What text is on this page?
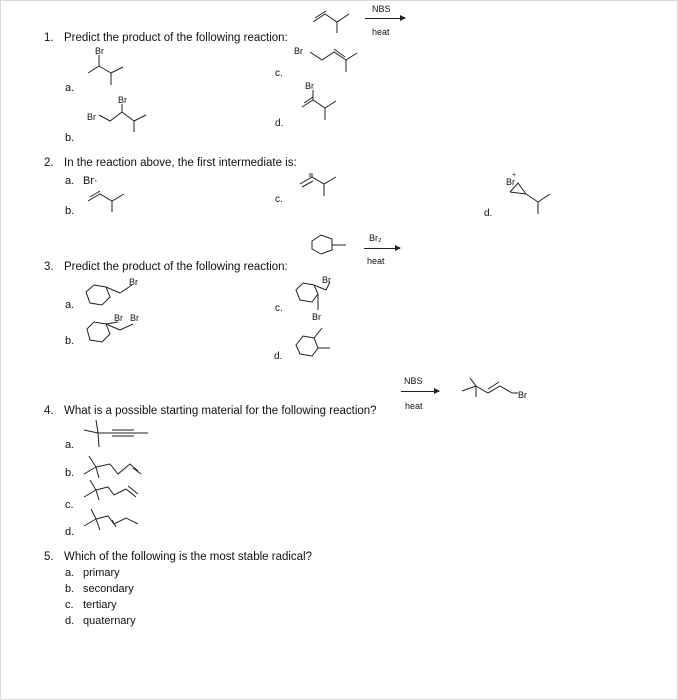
NBS
heat
1. Predict the product of the following reaction:
a.
Br	Br
c.
Br
d.
Br
Br
b.
2. In the reaction above, the first intermediate is:
a. Br·
b.
c.
Br
+
d.
Br₂
heat
3. Predict the product of the following reaction:
Br
a.
Br
Br
c.
Br Br
b.
d.
NBS
heat
Br
4. What is a possible starting material for the following reaction?
a.
b.
c.
d.
5. Which of the following is the most stable radical?
a. primary
b. secondary
c. tertiary
d. quaternary
